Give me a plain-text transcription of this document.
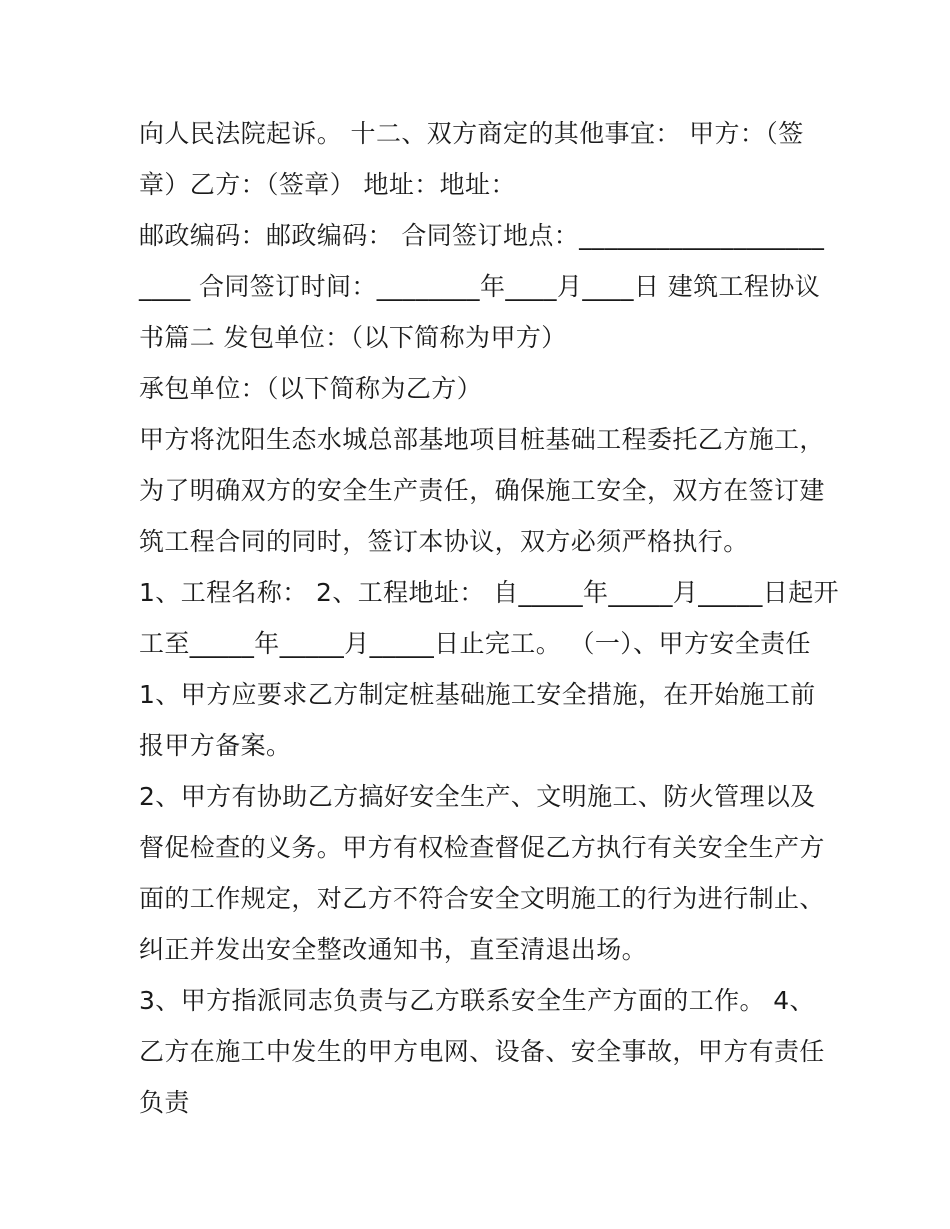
向人民法院起诉。 十二、双方商定的其他事宜： 甲方：（签
章）乙方：（签章） 地址：地址：
邮政编码：邮政编码： 合同签订地点：___________________
____ 合同签订时间：________年____月____日 建筑工程协议
书篇二 发包单位：（以下简称为甲方）
承包单位：（以下简称为乙方）
甲方将沈阳生态水城总部基地项目桩基础工程委托乙方施工，
为了明确双方的安全生产责任，确保施工安全，双方在签订建
筑工程合同的同时，签订本协议，双方必须严格执行。
1、工程名称： 2、工程地址： 自_____年_____月_____日起开
工至_____年_____月_____日止完工。 （一）、甲方安全责任
1、甲方应要求乙方制定桩基础施工安全措施，在开始施工前
报甲方备案。
2、甲方有协助乙方搞好安全生产、文明施工、防火管理以及
督促检查的义务。甲方有权检查督促乙方执行有关安全生产方
面的工作规定，对乙方不符合安全文明施工的行为进行制止、
纠正并发出安全整改通知书，直至清退出场。
3、甲方指派同志负责与乙方联系安全生产方面的工作。 4、
乙方在施工中发生的甲方电网、设备、安全事故，甲方有责任
负责
